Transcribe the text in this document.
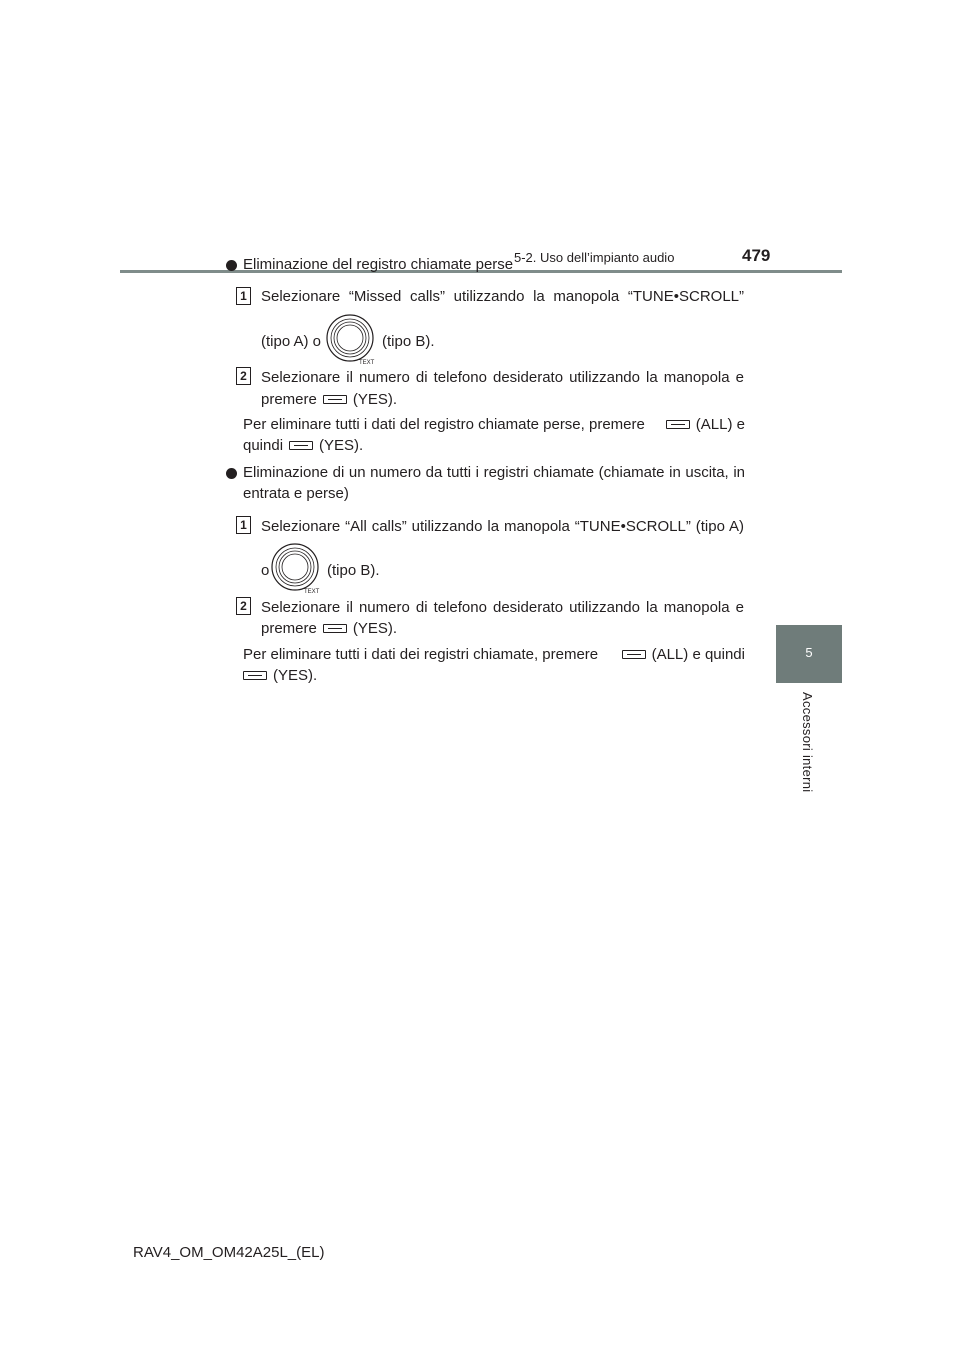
5-2. Uso dell’impianto audio	479
5
Accessori interni
Eliminazione del registro chiamate perse
1 Selezionare “Missed calls” utilizzando la manopola “TUNE•SCROLL”
(tipo A) o
TEXT
(tipo B).
2 Selezionare il numero di telefono desiderato utilizzando la manopola e
premere (YES).
Per eliminare tutti i dati del registro chiamate perse, premere	(ALL) e
quindi (YES).
Eliminazione di un numero da tutti i registri chiamate (chiamate in uscita, in
entrata e perse)
1 Selezionare “All calls” utilizzando la manopola “TUNE•SCROLL” (tipo A)
o
TEXT
(tipo B).
2 Selezionare il numero di telefono desiderato utilizzando la manopola e
premere (YES).
Per eliminare tutti i dati dei registri chiamate, premere	(ALL) e quindi
(YES).
RAV4_OM_OM42A25L_(EL)
